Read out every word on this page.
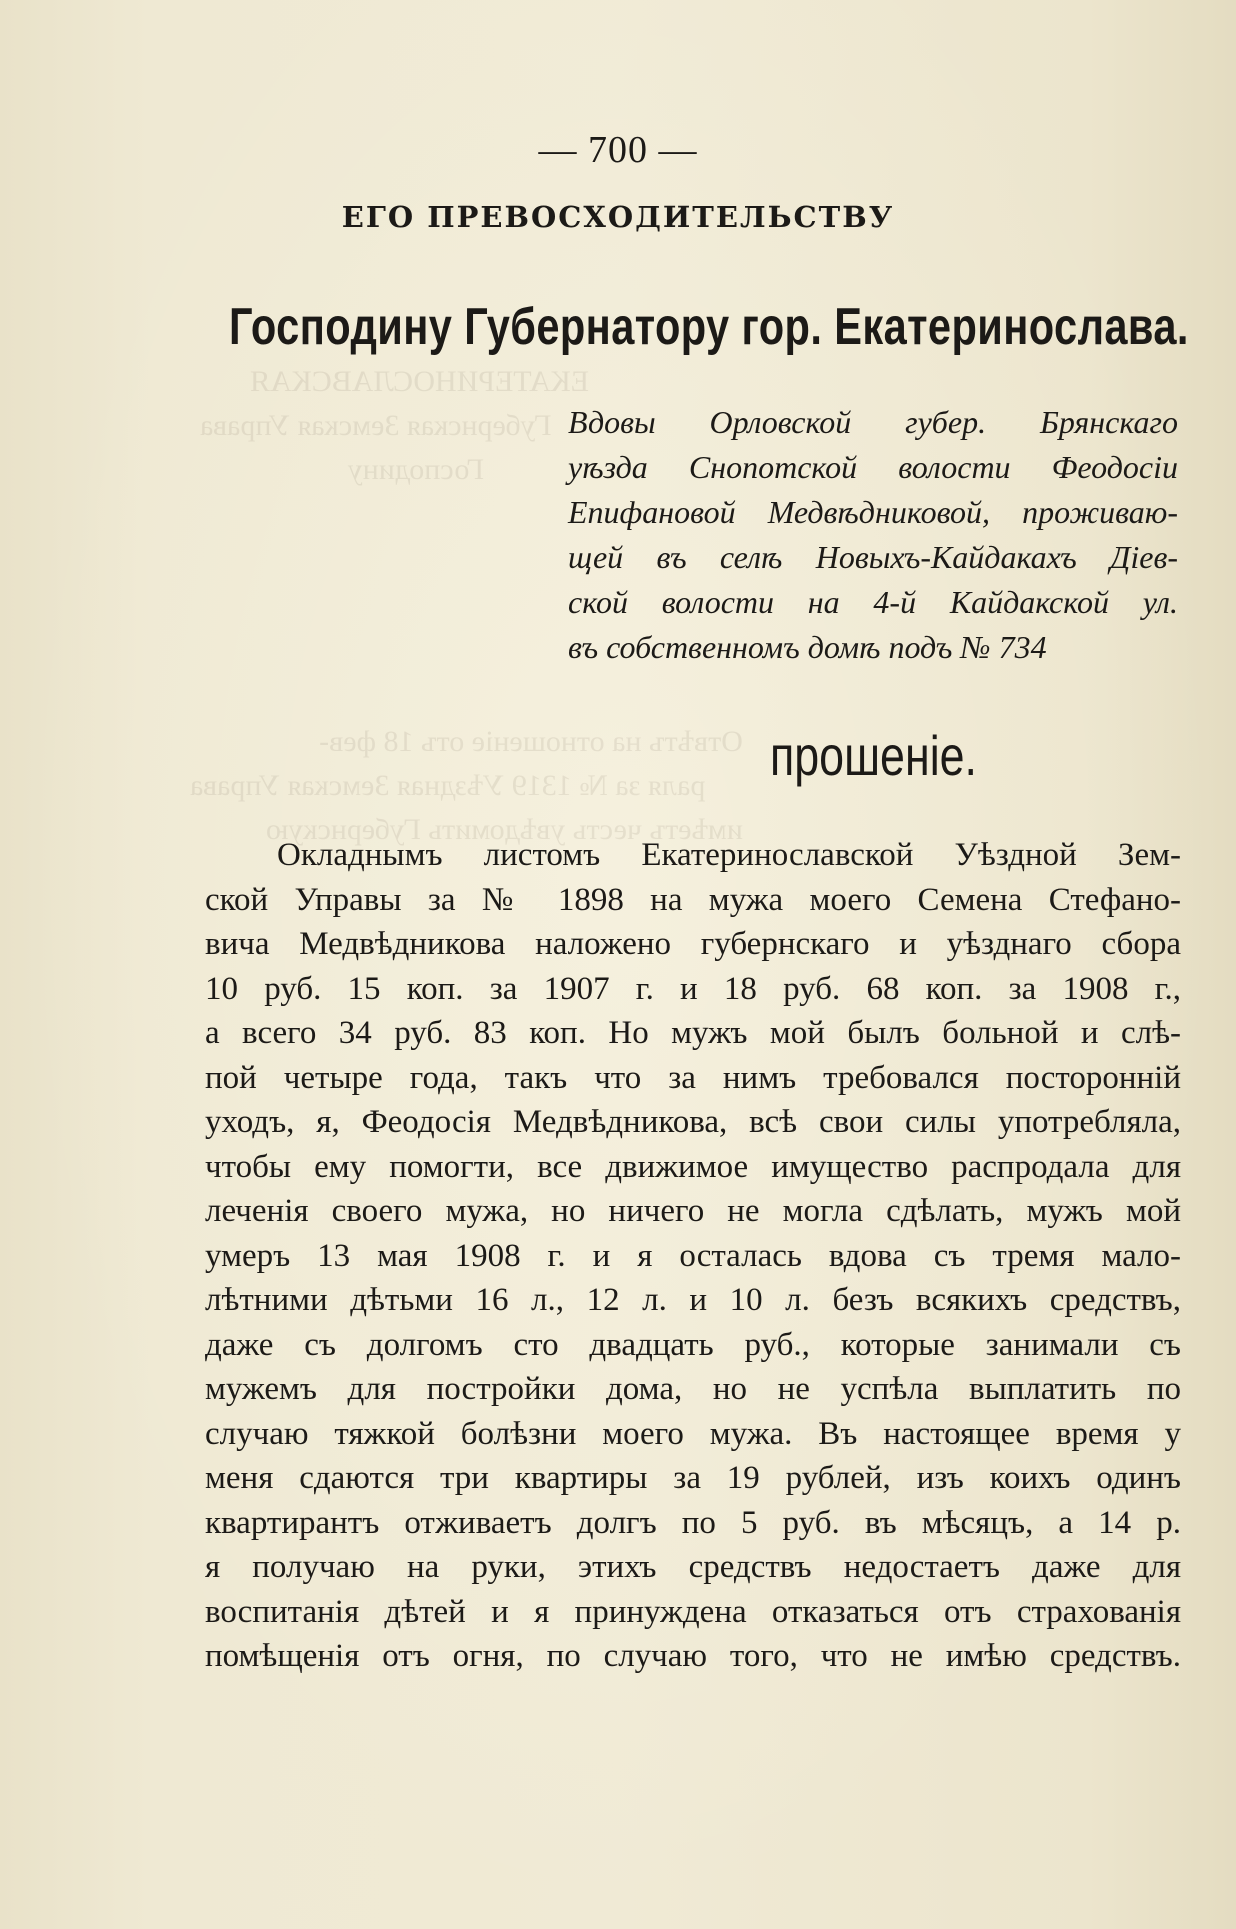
ЕКАТЕРИНОСЛАВСКАЯ
Губернская Земская Управа
Господину
Отвѣтъ на отношеніе отъ 18 фев-
раля за № 1319 Уѣздная Земская Управа
имѣетъ честь увѣдомить Губернскую
— 700 —
ЕГО ПРЕВОСХОДИТЕЛЬСТВУ
Господину Губернатору гор. Екатеринослава.
Вдовы Орловской губер. Брянскаго
уѣзда Снопотской волости Феодосіи
Епифановой Медвѣдниковой, проживаю-
щей въ селѣ Новыхъ-Кайдакахъ Діев-
ской волости на 4-й Кайдакской ул.
въ собственномъ домѣ подъ № 734
прошеніе.
Окладнымъ листомъ Екатеринославской Уѣздной Зем-
ской Управы за № 1898 на мужа моего Семена Стефано-
вича Медвѣдникова наложено губернскаго и уѣзднаго сбора
10 руб. 15 коп. за 1907 г. и 18 руб. 68 коп. за 1908 г.,
а всего 34 руб. 83 коп. Но мужъ мой былъ больной и слѣ-
пой четыре года, такъ что за нимъ требовался посторонній
уходъ, я, Феодосія Медвѣдникова, всѣ свои силы употребляла,
чтобы ему помогти, все движимое имущество распродала для
леченія своего мужа, но ничего не могла сдѣлать, мужъ мой
умеръ 13 мая 1908 г. и я осталась вдова съ тремя мало-
лѣтними дѣтьми 16 л., 12 л. и 10 л. безъ всякихъ средствъ,
даже съ долгомъ сто двадцать руб., которые занимали съ
мужемъ для постройки дома, но не успѣла выплатить по
случаю тяжкой болѣзни моего мужа. Въ настоящее время у
меня сдаются три квартиры за 19 рублей, изъ коихъ одинъ
квартирантъ отживаетъ долгъ по 5 руб. въ мѣсяцъ, а 14 р.
я получаю на руки, этихъ средствъ недостаетъ даже для
воспитанія дѣтей и я принуждена отказаться отъ страхованія
помѣщенія отъ огня, по случаю того, что не имѣю средствъ.
